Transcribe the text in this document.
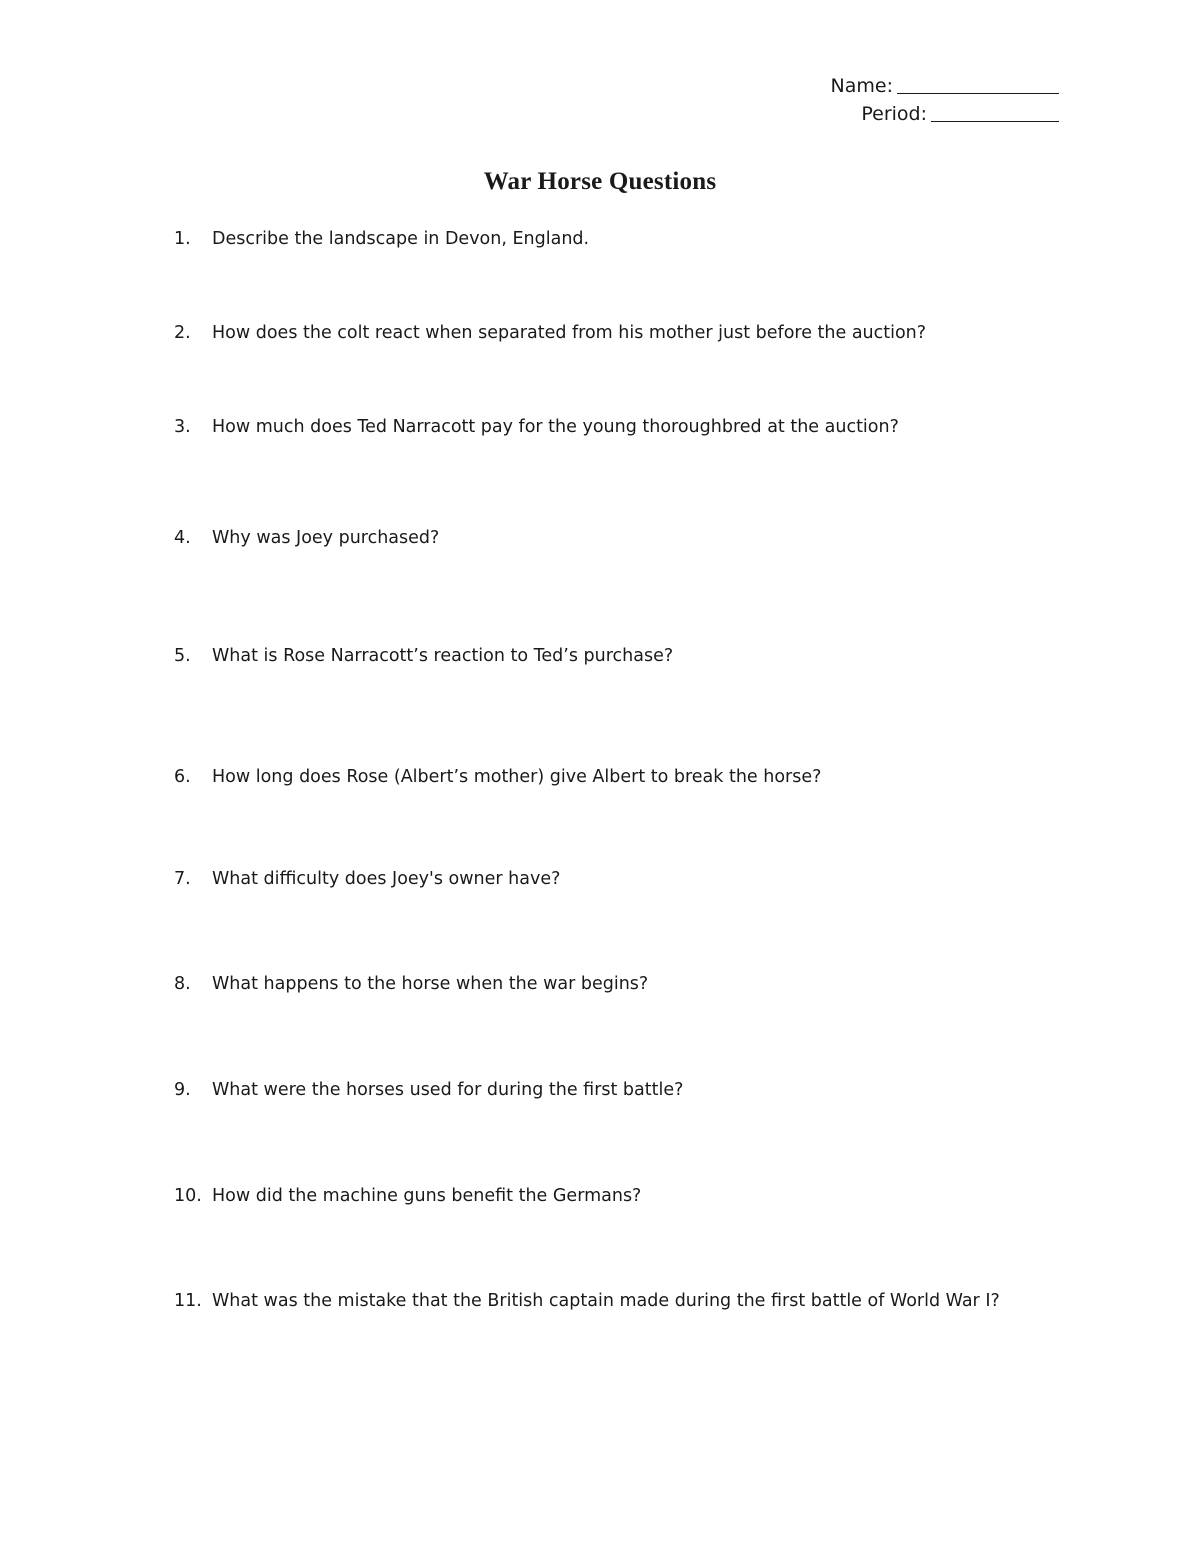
Name:
Period:
War Horse Questions
1.	Describe the landscape in Devon, England.
2.	How does the colt react when separated from his mother just before the auction?
3.	How much does Ted Narracott pay for the young thoroughbred at the auction?
4.	Why was Joey purchased?
5.	What is Rose Narracott’s reaction to Ted’s purchase?
6.	How long does Rose (Albert’s mother) give Albert to break the horse?
7.	What difficulty does Joey's owner have?
8.	What happens to the horse when the war begins?
9.	What were the horses used for during the first battle?
10. How did the machine guns benefit the Germans?
11. What was the mistake that the British captain made during the first battle of World War I?
